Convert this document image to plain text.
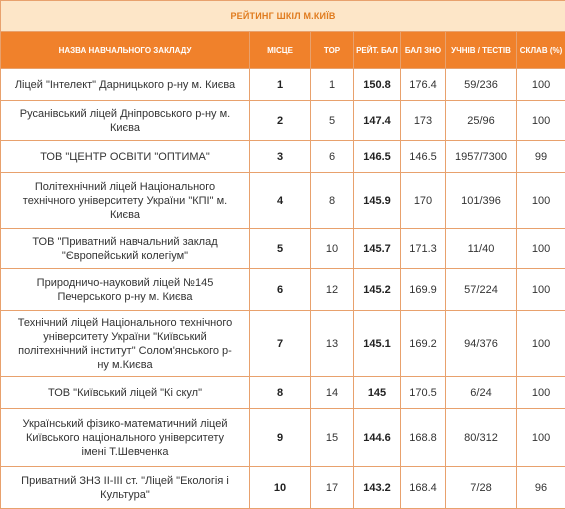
РЕЙТИНГ ШКІЛ М.КИЇВ						
НАЗВА НАВЧАЛЬНОГО ЗАКЛАДУ	МІСЦЕ	TOP	РЕЙТ. БАЛ	БАЛ ЗНО	УЧНІВ / ТЕСТІВ	СКЛАВ (%)
Ліцей "Інтелект" Дарницького р-ну м. Києва	1	1	150.8	176.4	59/236	100
Русанівський ліцей Дніпровського р-ну м. Києва	2	5	147.4	173	25/96	100
ТОВ "ЦЕНТР ОСВІТИ "ОПТИМА"	3	6	146.5	146.5	1957/7300	99
Політехнічний ліцей Національного технічного університету України "КПІ" м. Києва	4	8	145.9	170	101/396	100
ТОВ "Приватний навчальний заклад "Європейський колегіум"	5	10	145.7	171.3	11/40	100
Природничо-науковий ліцей №145 Печерського р-ну м. Києва	6	12	145.2	169.9	57/224	100
Технічний ліцей Національного технічного університету України "Київський політехнічний інститут" Солом'янського р-ну м.Києва	7	13	145.1	169.2	94/376	100
ТОВ "Київський ліцей "Кі скул"	8	14	145	170.5	6/24	100
Український фізико-математичний ліцей Київського національного університету імені Т.Шевченка	9	15	144.6	168.8	80/312	100
Приватний ЗНЗ ІІ-ІІІ ст. "Ліцей "Екологія і Культура"	10	17	143.2	168.4	7/28	96
